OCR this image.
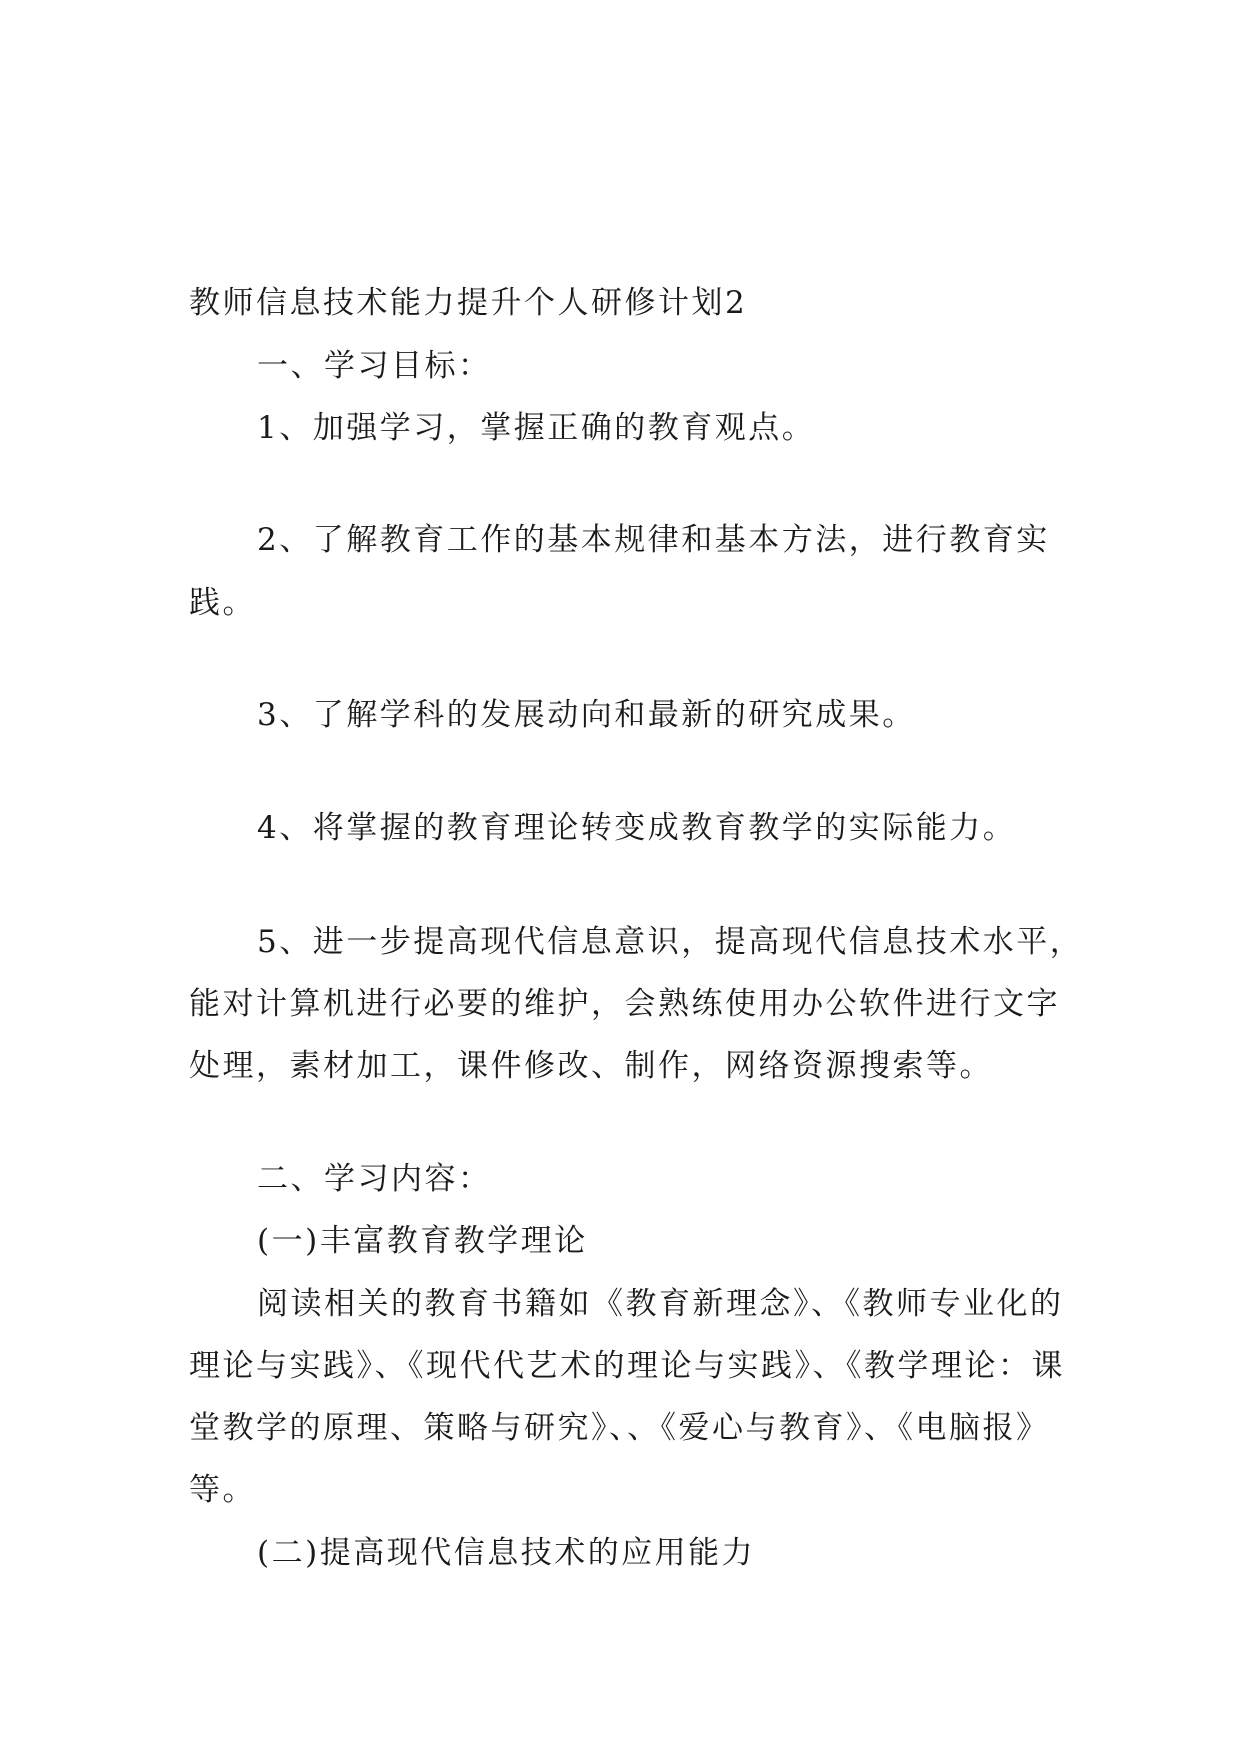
教师信息技术能力提升个人研修计划2

一、学习目标：

1、加强学习，掌握正确的教育观点。

2、了解教育工作的基本规律和基本方法，进行教育实

践。

3、了解学科的发展动向和最新的研究成果。

4、将掌握的教育理论转变成教育教学的实际能力。

5、进一步提高现代信息意识，提高现代信息技术水平，

能对计算机进行必要的维护，会熟练使用办公软件进行文字

处理，素材加工，课件修改、制作，网络资源搜索等。

二、学习内容：

(一)丰富教育教学理论

阅读相关的教育书籍如《教育新理念》、《教师专业化的

理论与实践》、《现代代艺术的理论与实践》、《教学理论：课

堂教学的原理、策略与研究》、、《爱心与教育》、《电脑报》

等。

(二)提高现代信息技术的应用能力
